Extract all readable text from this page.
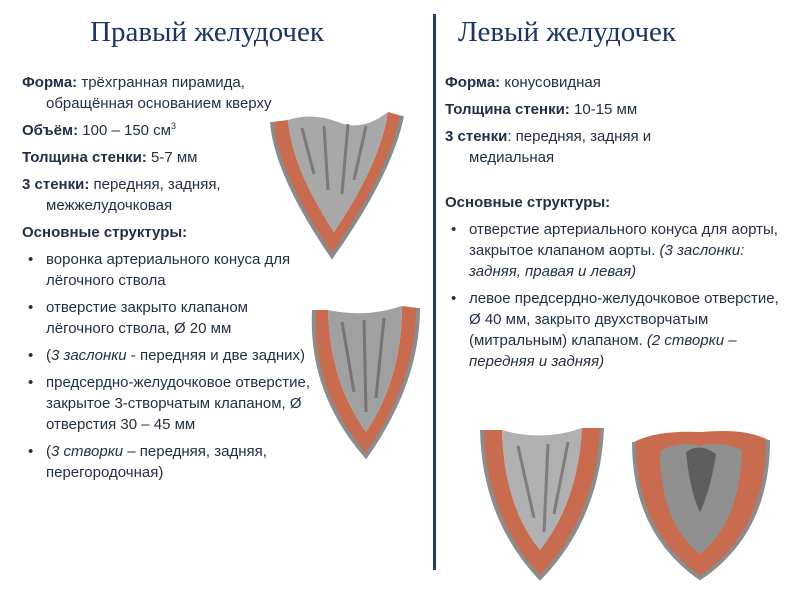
Правый желудочек	Левый желудочек

Форма: трёхгранная пирамида, обращённая основанием кверху

Объём: 100 – 150 $см^3$

Толщина стенки: 5-7 мм

3 стенки: передняя, задняя, межжелудочковая

Основные структуры:

• воронка артериального конуса для лёгочного ствола
• отверстие закрыто клапаном лёгочного ствола, Ø 20 мм
• (3 заслонки - передняя и две задних)
• предсердно-желудочковое отверстие, закрытое 3-створчатым клапаном, Ø отверстия 30 – 45 мм
• (3 створки – передняя, задняя, перегородочная)

Форма: конусовидная

Толщина стенки: 10-15 мм

3 стенки: передняя, задняя и медиальная

Основные структуры:

• отверстие артериального конуса для аорты, закрытое клапаном аорты. (3 заслонки: задняя, правая и левая)
• левое предсердно-желудочковое отверстие, Ø 40 мм, закрыто двухстворчатым (митральным) клапаном. (2 створки – передняя и задняя)
